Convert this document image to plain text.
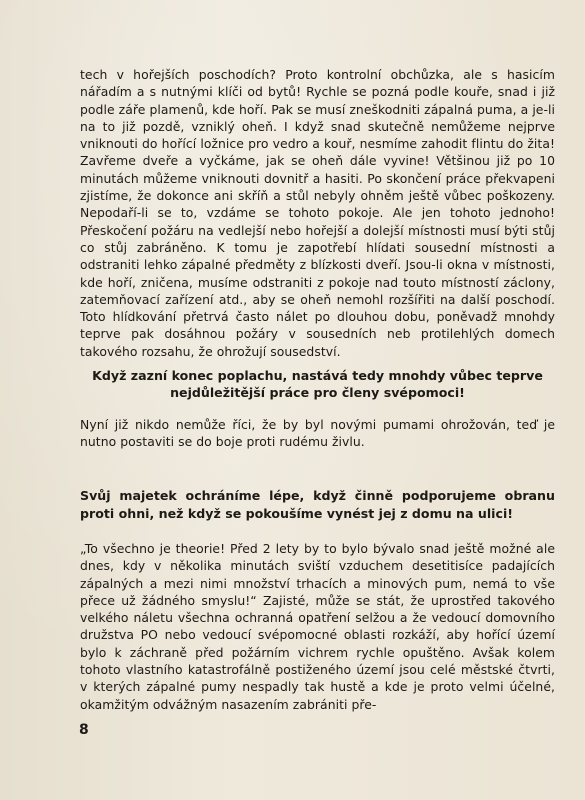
tech v hořejších poschodích? Proto kontrolní obchůzka, ale s hasicím nářadím a s nutnými klíči od bytů! Rychle se pozná podle kouře, snad i již podle záře plamenů, kde hoří. Pak se musí zneškodniti zápalná puma, a je-li na to již pozdě, vzniklý oheň. I když snad skutečně nemůžeme nejprve vniknouti do hořící ložnice pro vedro a kouř, nesmíme zahodit flintu do žita! Zavřeme dveře a vyčkáme, jak se oheň dále vyvine! Většinou již po 10 minutách můžeme vniknouti dovnitř a hasiti. Po skončení práce překvapeni zjistíme, že dokonce ani skříň a stůl nebyly ohněm ještě vůbec poškozeny. Nepodaří-li se to, vzdáme se tohoto pokoje. Ale jen tohoto jednoho! Přeskočení požáru na vedlejší nebo hořejší a dolejší místnosti musí býti stůj co stůj zabráněno. K tomu je zapotřebí hlídati sousední místnosti a odstraniti lehko zápalné předměty z blízkosti dveří. Jsou-li okna v místnosti, kde hoří, zničena, musíme odstraniti z pokoje nad touto místností záclony, zatemňovací zařízení atd., aby se oheň nemohl rozšířiti na další poschodí. Toto hlídkování přetrvá často nálet po dlouhou dobu, poněvadž mnohdy teprve pak dosáhnou požáry v sousedních neb protilehlých domech takového rozsahu, že ohrožují sousedství.
Když zazní konec poplachu, nastává tedy mnohdy vůbec teprve nejdůležitější práce pro členy svépomoci!
Nyní již nikdo nemůže říci, že by byl novými pumami ohrožován, teď je nutno postaviti se do boje proti rudému živlu.
Svůj majetek ochráníme lépe, když činně podporujeme obranu proti ohni, než když se pokoušíme vynést jej z domu na ulici!
„To všechno je theorie! Před 2 lety by to bylo bývalo snad ještě možné ale dnes, kdy v několika minutách sviští vzduchem desetitisíce padajících zápalných a mezi nimi množství trhacích a minových pum, nemá to vše přece už žádného smyslu!“ Zajisté, může se stát, že uprostřed takového velkého náletu všechna ochranná opatření selžou a že vedoucí domovního družstva PO nebo vedoucí svépomocné oblasti rozkáží, aby hořící území bylo k záchraně před požárním vichrem rychle opuštěno. Avšak kolem tohoto vlastního katastrofálně postiženého území jsou celé městské čtvrti, v kterých zápalné pumy nespadly tak hustě a kde je proto velmi účelné, okamžitým odvážným nasazením zabrániti pře-
8
